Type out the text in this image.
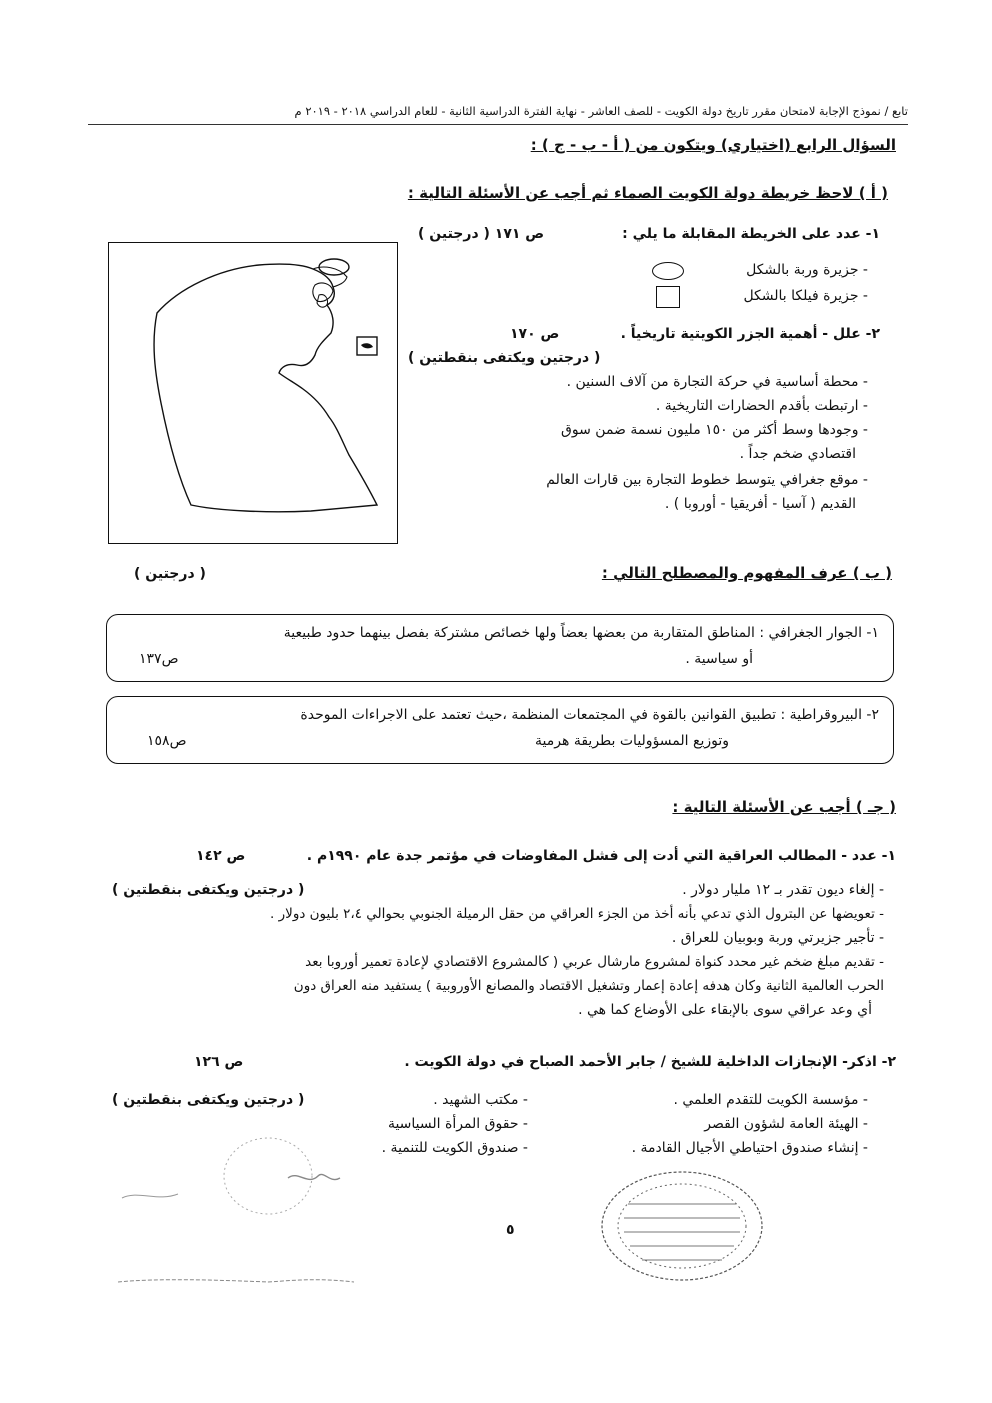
تابع / نموذج الإجابة لامتحان مقرر تاريخ دولة الكويت - للصف العاشر - نهاية الفترة الدراسية الثانية - للعام الدراسي ٢٠١٨ - ٢٠١٩ م
السؤال الرابع (اختياري) ويتكون من ( أ - ب - ج ) :
( أ ) لاحظ خريطة دولة الكويت الصماء ثم أجب عن الأسئلة التالية :
١- عدد على الخريطة المقابلة ما يلي :
ص ١٧١ ( درجتين )
- جزيرة وربة بالشكل
- جزيرة فيلكا بالشكل
٢- علل - أهمية الجزر الكويتية تاريخياً .
ص ١٧٠
( درجتين ويكتفى بنقطتين )
- محطة أساسية في حركة التجارة من آلاف السنين .
- ارتبطت بأقدم الحضارات التاريخية .
- وجودها وسط أكثر من ١٥٠ مليون نسمة ضمن سوق
اقتصادي ضخم جداً .
- موقع جغرافي يتوسط خطوط التجارة بين قارات العالم
القديم ( آسيا - أفريقيا - أوروبا ) .
( ب ) عرف المفهوم والمصطلح التالي :
( درجتين )
١- الجوار الجغرافي : المناطق المتقاربة من بعضها بعضاً ولها خصائص مشتركة بفصل بينهما حدود طبيعية
أو سياسية .
ص١٣٧
٢- البيروقراطية : تطبيق القوانين بالقوة في المجتمعات المنظمة ،حيث تعتمد على الاجراءات الموحدة
وتوزيع المسؤوليات بطريقة هرمية
ص١٥٨
( جـ ) أجب عن الأسئلة التالية :
١- عدد - المطالب العراقية التي أدت إلى فشل المفاوضات في مؤتمر جدة عام ١٩٩٠م .
ص ١٤٢
( درجتين ويكتفى بنقطتين )	- إلغاء ديون تقدر بـ ١٢ مليار دولار .
- تعويضها عن البترول الذي تدعي بأنه أخذ من الجزء العراقي من حقل الرميلة الجنوبي بحوالي ٢،٤ بليون دولار .
- تأجير جزيرتي وربة وبوبيان للعراق .
- تقديم مبلغ ضخم غير محدد كنواة لمشروع مارشال عربي ( كالمشروع الاقتصادي لإعادة تعمير أوروبا بعد
الحرب العالمية الثانية وكان هدفه إعادة إعمار وتشغيل الاقتصاد والمصانع الأوروبية ) يستفيد منه العراق دون
أي وعد عراقي سوى بالإبقاء على الأوضاع كما هي .
٢- اذكر- الإنجازات الداخلية للشيخ / جابر الأحمد الصباح في دولة الكويت .
ص ١٢٦
( درجتين ويكتفى بنقطتين )	- مؤسسة الكويت للتقدم العلمي .
- الهيئة العامة لشؤون القصر
- إنشاء صندوق احتياطي الأجيال القادمة .
- مكتب الشهيد .
- حقوق المرأة السياسية
- صندوق الكويت للتنمية .
٥
